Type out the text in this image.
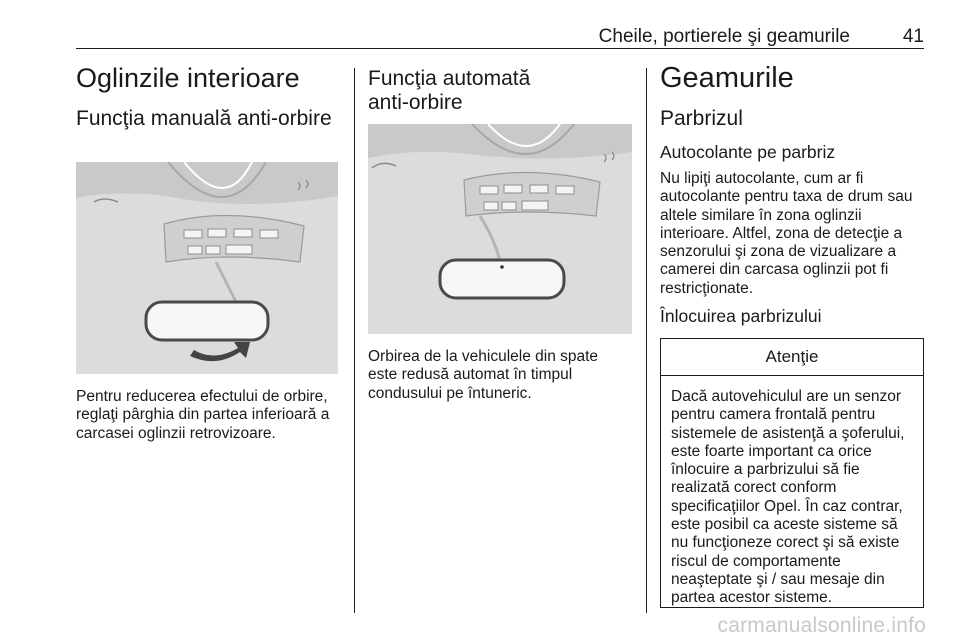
Cheile, portierele şi geamurile	41
Oglinzile interioare
Funcţia manuală anti-orbire

Pentru reducerea efectului de orbire, reglaţi pârghia din partea inferioară a carcasei oglinzii retrovizoare.

Funcţia automată
anti-orbire

Orbirea de la vehiculele din spate este redusă automat în timpul condusului pe întuneric.

Geamurile
Parbrizul
Autocolante pe parbriz

Nu lipiţi autocolante, cum ar fi autocolante pentru taxa de drum sau altele similare în zona oglinzii interioare. Altfel, zona de detecţie a senzorului şi zona de vizualizare a camerei din carcasa oglinzii pot fi restricţionate.

Înlocuirea parbrizului
Atenţie
Dacă autovehiculul are un senzor pentru camera frontală pentru sistemele de asistenţă a şoferului, este foarte important ca orice înlocuire a parbrizului să fie realizată corect conform specificaţiilor Opel. În caz contrar, este posibil ca aceste sisteme să nu funcţioneze corect şi să existe riscul de comportamente neaşteptate şi / sau mesaje din partea acestor sisteme.
carmanualsonline.info
